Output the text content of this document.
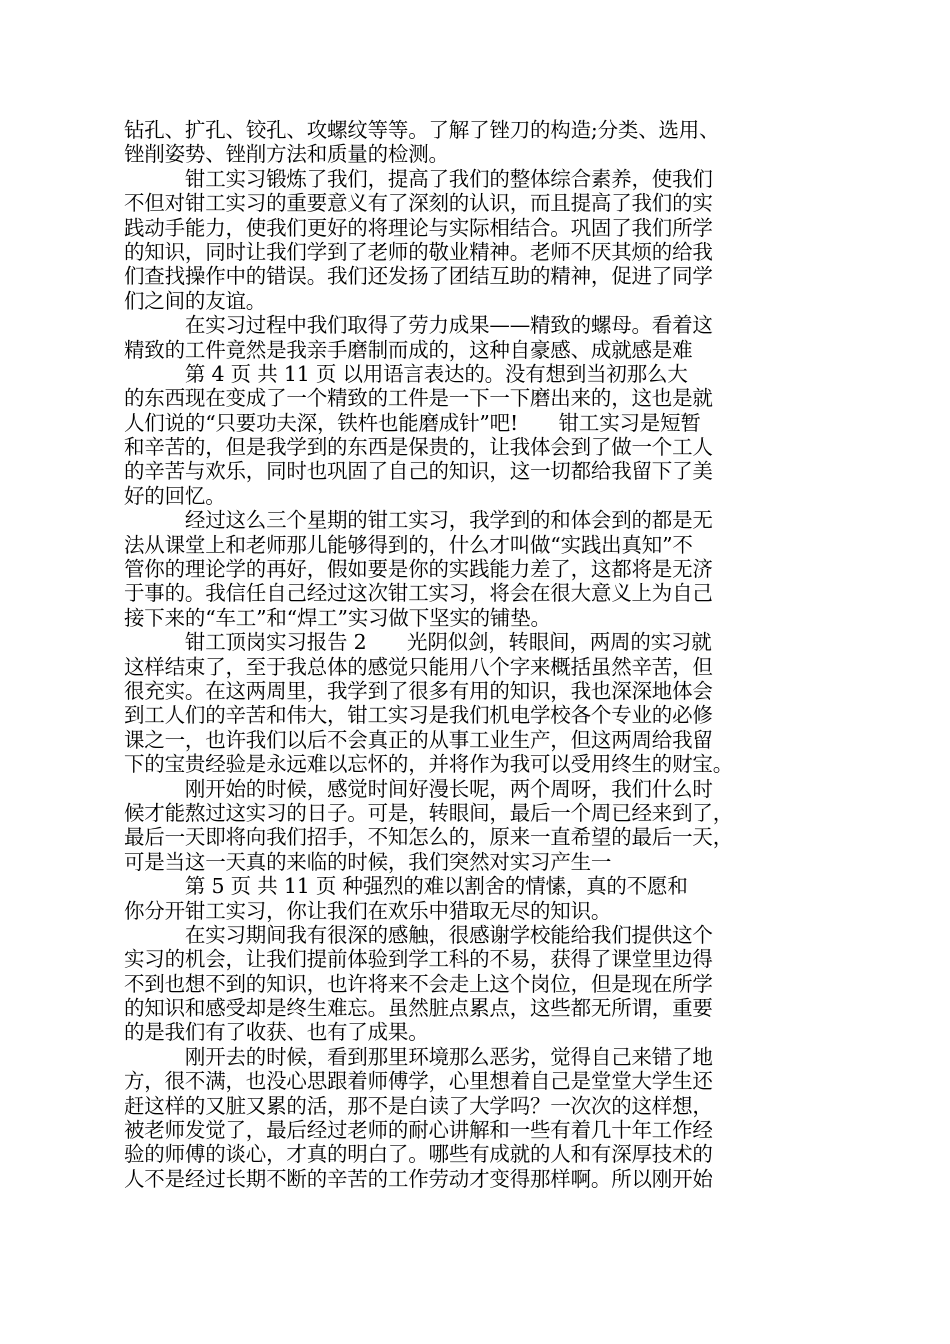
钻孔、扩孔、铰孔、攻螺纹等等。了解了锉刀的构造;分类、选用、
锉削姿势、锉削方法和质量的检测。
　　　钳工实习锻炼了我们，提高了我们的整体综合素养，使我们
不但对钳工实习的重要意义有了深刻的认识，而且提高了我们的实
践动手能力，使我们更好的将理论与实际相结合。巩固了我们所学
的知识，同时让我们学到了老师的敬业精神。老师不厌其烦的给我
们查找操作中的错误。我们还发扬了团结互助的精神，促进了同学
们之间的友谊。
　　　在实习过程中我们取得了劳力成果——精致的螺母。看着这
精致的工件竟然是我亲手磨制而成的，这种自豪感、成就感是难
　　　第 4 页 共 11 页 以用语言表达的。没有想到当初那么大
的东西现在变成了一个精致的工件是一下一下磨出来的，这也是就
人们说的“只要功夫深，铁杵也能磨成针”吧!　　钳工实习是短暂
和辛苦的，但是我学到的东西是保贵的，让我体会到了做一个工人
的辛苦与欢乐，同时也巩固了自己的知识，这一切都给我留下了美
好的回忆。
　　　经过这么三个星期的钳工实习，我学到的和体会到的都是无
法从课堂上和老师那儿能够得到的，什么才叫做“实践出真知”不
管你的理论学的再好，假如要是你的实践能力差了，这都将是无济
于事的。我信任自己经过这次钳工实习，将会在很大意义上为自己
接下来的“车工”和“焊工”实习做下坚实的铺垫。
　　　钳工顶岗实习报告 2　　光阴似剑，转眼间，两周的实习就
这样结束了，至于我总体的感觉只能用八个字来概括虽然辛苦，但
很充实。在这两周里，我学到了很多有用的知识，我也深深地体会
到工人们的辛苦和伟大，钳工实习是我们机电学校各个专业的必修
课之一，也许我们以后不会真正的从事工业生产，但这两周给我留
下的宝贵经验是永远难以忘怀的，并将作为我可以受用终生的财宝。
　　　刚开始的时候，感觉时间好漫长呢，两个周呀，我们什么时
候才能熬过这实习的日子。可是，转眼间，最后一个周已经来到了，
最后一天即将向我们招手，不知怎么的，原来一直希望的最后一天，
可是当这一天真的来临的时候，我们突然对实习产生一
　　　第 5 页 共 11 页 种强烈的难以割舍的情愫，真的不愿和
你分开钳工实习，你让我们在欢乐中猎取无尽的知识。
　　　在实习期间我有很深的感触，很感谢学校能给我们提供这个
实习的机会，让我们提前体验到学工科的不易，获得了课堂里边得
不到也想不到的知识，也许将来不会走上这个岗位，但是现在所学
的知识和感受却是终生难忘。虽然脏点累点，这些都无所谓，重要
的是我们有了收获、也有了成果。
　　　刚开去的时候，看到那里环境那么恶劣，觉得自己来错了地
方，很不满，也没心思跟着师傅学，心里想着自己是堂堂大学生还
赶这样的又脏又累的活，那不是白读了大学吗？一次次的这样想，
被老师发觉了，最后经过老师的耐心讲解和一些有着几十年工作经
验的师傅的谈心，才真的明白了。哪些有成就的人和有深厚技术的
人不是经过长期不断的辛苦的工作劳动才变得那样啊。所以刚开始
